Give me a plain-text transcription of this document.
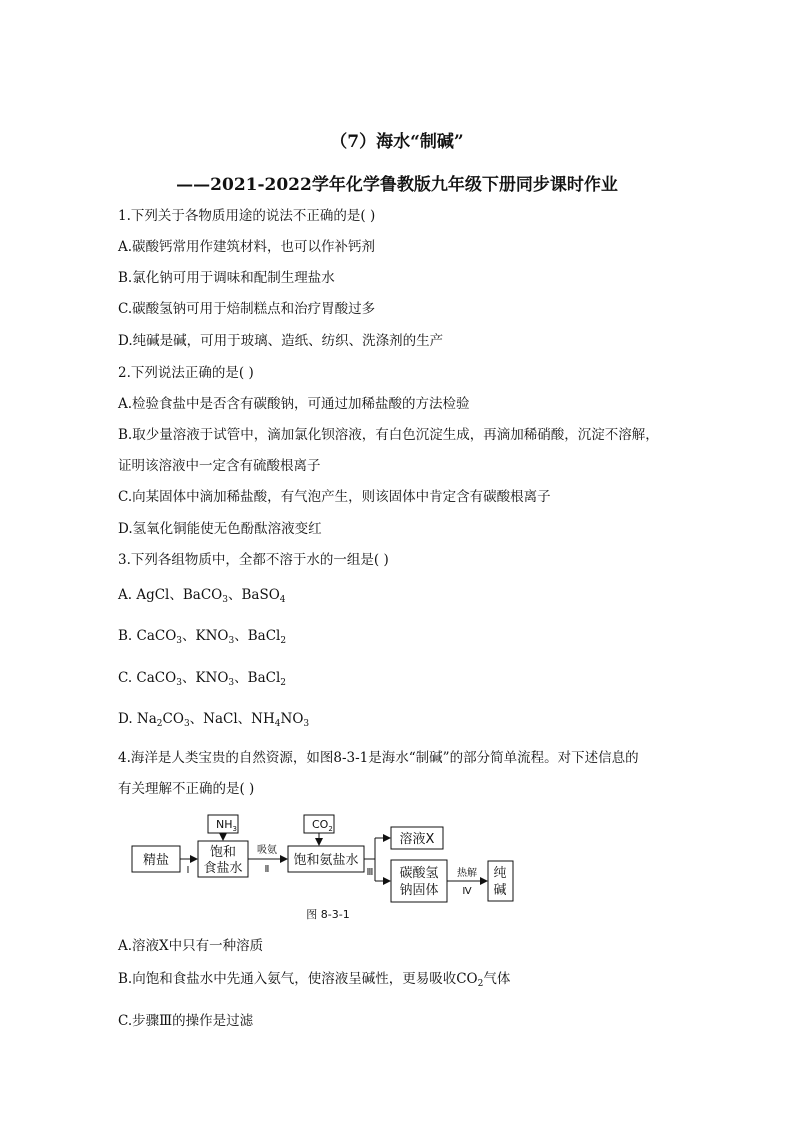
（7）海水“制碱”
——2021-2022学年化学鲁教版九年级下册同步课时作业
1.下列关于各物质用途的说法不正确的是( )
A.碳酸钙常用作建筑材料，也可以作补钙剂
B.氯化钠可用于调味和配制生理盐水
C.碳酸氢钠可用于焙制糕点和治疗胃酸过多
D.纯碱是碱，可用于玻璃、造纸、纺织、洗涤剂的生产
2.下列说法正确的是( )
A.检验食盐中是否含有碳酸钠，可通过加稀盐酸的方法检验
B.取少量溶液于试管中，滴加氯化钡溶液，有白色沉淀生成，再滴加稀硝酸，沉淀不溶解，
证明该溶液中一定含有硫酸根离子
C.向某固体中滴加稀盐酸，有气泡产生，则该固体中肯定含有碳酸根离子
D.氢氧化铜能使无色酚酞溶液变红
3.下列各组物质中，全都不溶于水的一组是( )
A. AgCl、BaCO$_3$、BaSO$_4$
B. CaCO$_3$、$KNO_3$、BaCl$_2$
C. CaCO$_3$、$KNO_3$、BaCl$_2$
D. $Na_2CO_3$、NaCl、$NH_4NO_3$
4.海洋是人类宝贵的自然资源，如图8-3-1是海水“制碱”的部分简单流程。对下述信息的
有关理解不正确的是( )
精盐
$NH_3$
饱和
食盐水
$CO_2$
饱和氨盐水
溶液X
碳酸氢
钠固体
纯
碱
I
吸氨
Ⅱ	Ⅲ	热解
Ⅳ
图 8-3-1
A.溶液X中只有一种溶质
B.向饱和食盐水中先通入氨气，使溶液呈碱性，更易吸收$CO_2$气体
C.步骤Ⅲ的操作是过滤
